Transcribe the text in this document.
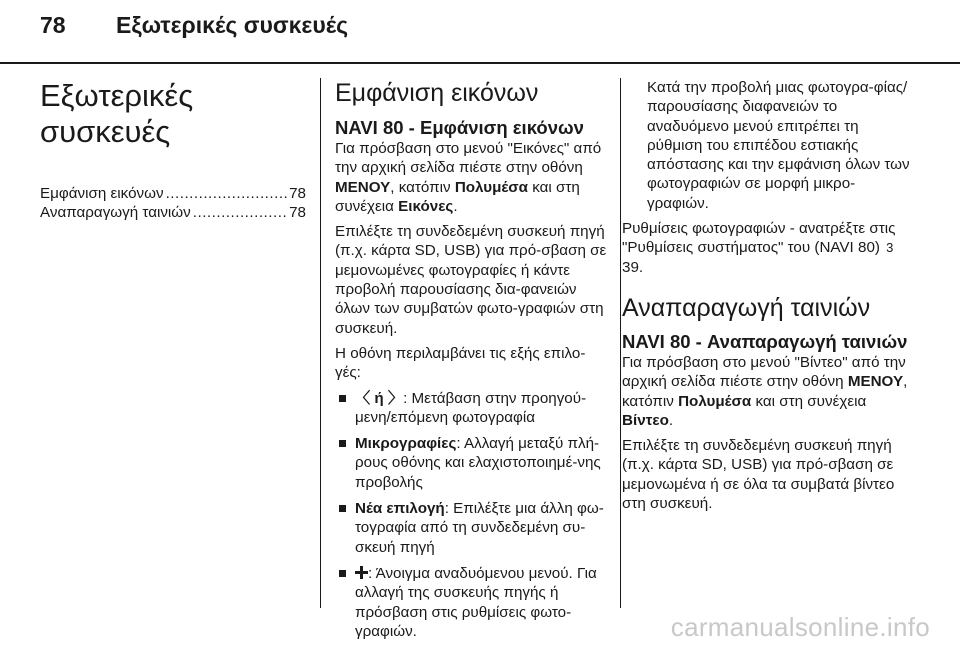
78 Εξωτερικές συσκευές
Εξωτερικές συσκευές
Εμφάνιση εικόνων .....	78
Αναπαραγωγή ταινιών .....	78
Εμφάνιση εικόνων
NAVI 80 - Εμφάνιση εικόνων

Για πρόσβαση στο μενού "Εικόνες" από την αρχική σελίδα πιέστε στην οθόνη ΜΕΝΟΥ, κατόπιν Πολυμέσα και στη συνέχεια Εικόνες.

Επιλέξτε τη συνδεδεμένη συσκευή πηγή (π.χ. κάρτα SD, USB) για πρό-σβαση σε μεμονωμένες φωτογραφίες ή κάντε προβολή παρουσίασης δια-φανειών όλων των συμβατών φωτο-γραφιών στη συσκευή.

Η οθόνη περιλαμβάνει τις εξής επιλο-γές:

〈 ή 〉: Μετάβαση στην προηγού-μενη/επόμενη φωτογραφία
Μικρογραφίες: Αλλαγή μεταξύ πλή-ρους οθόνης και ελαχιστοποιημέ-νης προβολής
Νέα επιλογή: Επιλέξτε μια άλλη φω-τογραφία από τη συνδεδεμένη συ-σκευή πηγή
: Άνοιγμα αναδυόμενου μενού. Για αλλαγή της συσκευής πηγής ή πρόσβαση στις ρυθμίσεις φωτο-γραφιών.

Κατά την προβολή μιας φωτογρα-φίας/παρουσίασης διαφανειών το αναδυόμενο μενού επιτρέπει τη ρύθμιση του επιπέδου εστιακής απόστασης και την εμφάνιση όλων των φωτογραφιών σε μορφή μικρο-γραφιών.

Ρυθμίσεις φωτογραφιών - ανατρέξτε στις "Ρυθμίσεις συστήματος" του (NAVI 80) 3 39.

Αναπαραγωγή ταινιών
NAVI 80 - Αναπαραγωγή ταινιών

Για πρόσβαση στο μενού "Βίντεο" από την αρχική σελίδα πιέστε στην οθόνη ΜΕΝΟΥ, κατόπιν Πολυμέσα και στη συνέχεια Βίντεο.

Επιλέξτε τη συνδεδεμένη συσκευή πηγή (π.χ. κάρτα SD, USB) για πρό-σβαση σε μεμονωμένα ή σε όλα τα συμβατά βίντεο στη συσκευή.

carmanualsonline.info
